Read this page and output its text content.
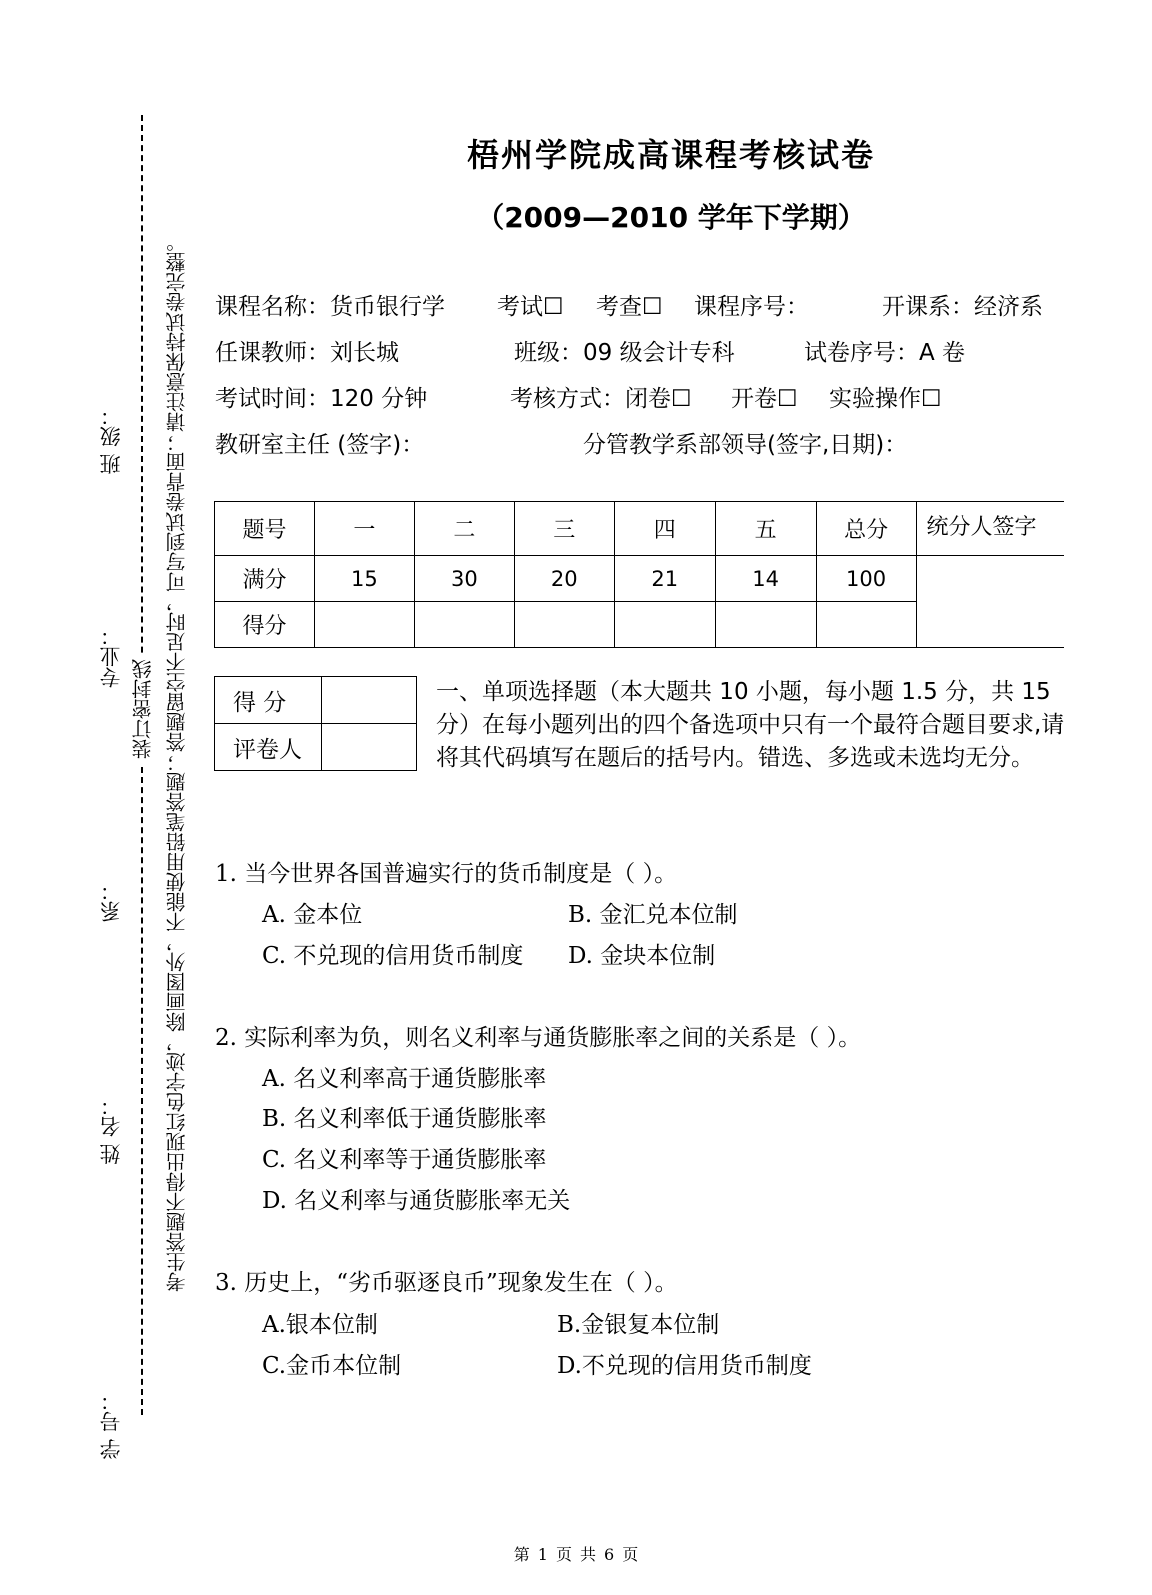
装订密封线 考生答题不得出现红色字迹，除画图外，不能使用铅笔答题；答题留空不足时，可写到试卷背面；请注意保持试卷完整。
班 级：
专业：
系：
姓 名：
学 号：
梧州学院成高课程考核试卷
（2009—2010 学年下学期）
课程名称：货币银行学 考试☐ 考查☐ 课程序号：	开课系：经济系
任课教师：刘长城	班级：09 级会计专科	试卷序号：A 卷
考试时间：120 分钟	考核方式：闭卷☐ 开卷☐ 实验操作☐
教研室主任 (签字)：	分管教学系部领导(签字,日期)：
题号	一	二	三	四	五	总分	统分人签字
满分	15	30	20	21	14	100	
得分							
得 分	
评卷人	
一、单项选择题（本大题共 10 小题，每小题 1.5 分，共 15 分）在每小题列出的四个备选项中只有一个最符合题目要求,请将其代码填写在题后的括号内。错选、多选或未选均无分。
1. 当今世界各国普遍实行的货币制度是（ ）。
A. 金本位	B. 金汇兑本位制
C. 不兑现的信用货币制度 D. 金块本位制
2. 实际利率为负，则名义利率与通货膨胀率之间的关系是（ ）。
A. 名义利率高于通货膨胀率
B. 名义利率低于通货膨胀率
C. 名义利率等于通货膨胀率
D. 名义利率与通货膨胀率无关
3. 历史上，“劣币驱逐良币”现象发生在（ ）。
A.银本位制	B.金银复本位制
C.金币本位制	D.不兑现的信用货币制度
第 1 页 共 6 页
